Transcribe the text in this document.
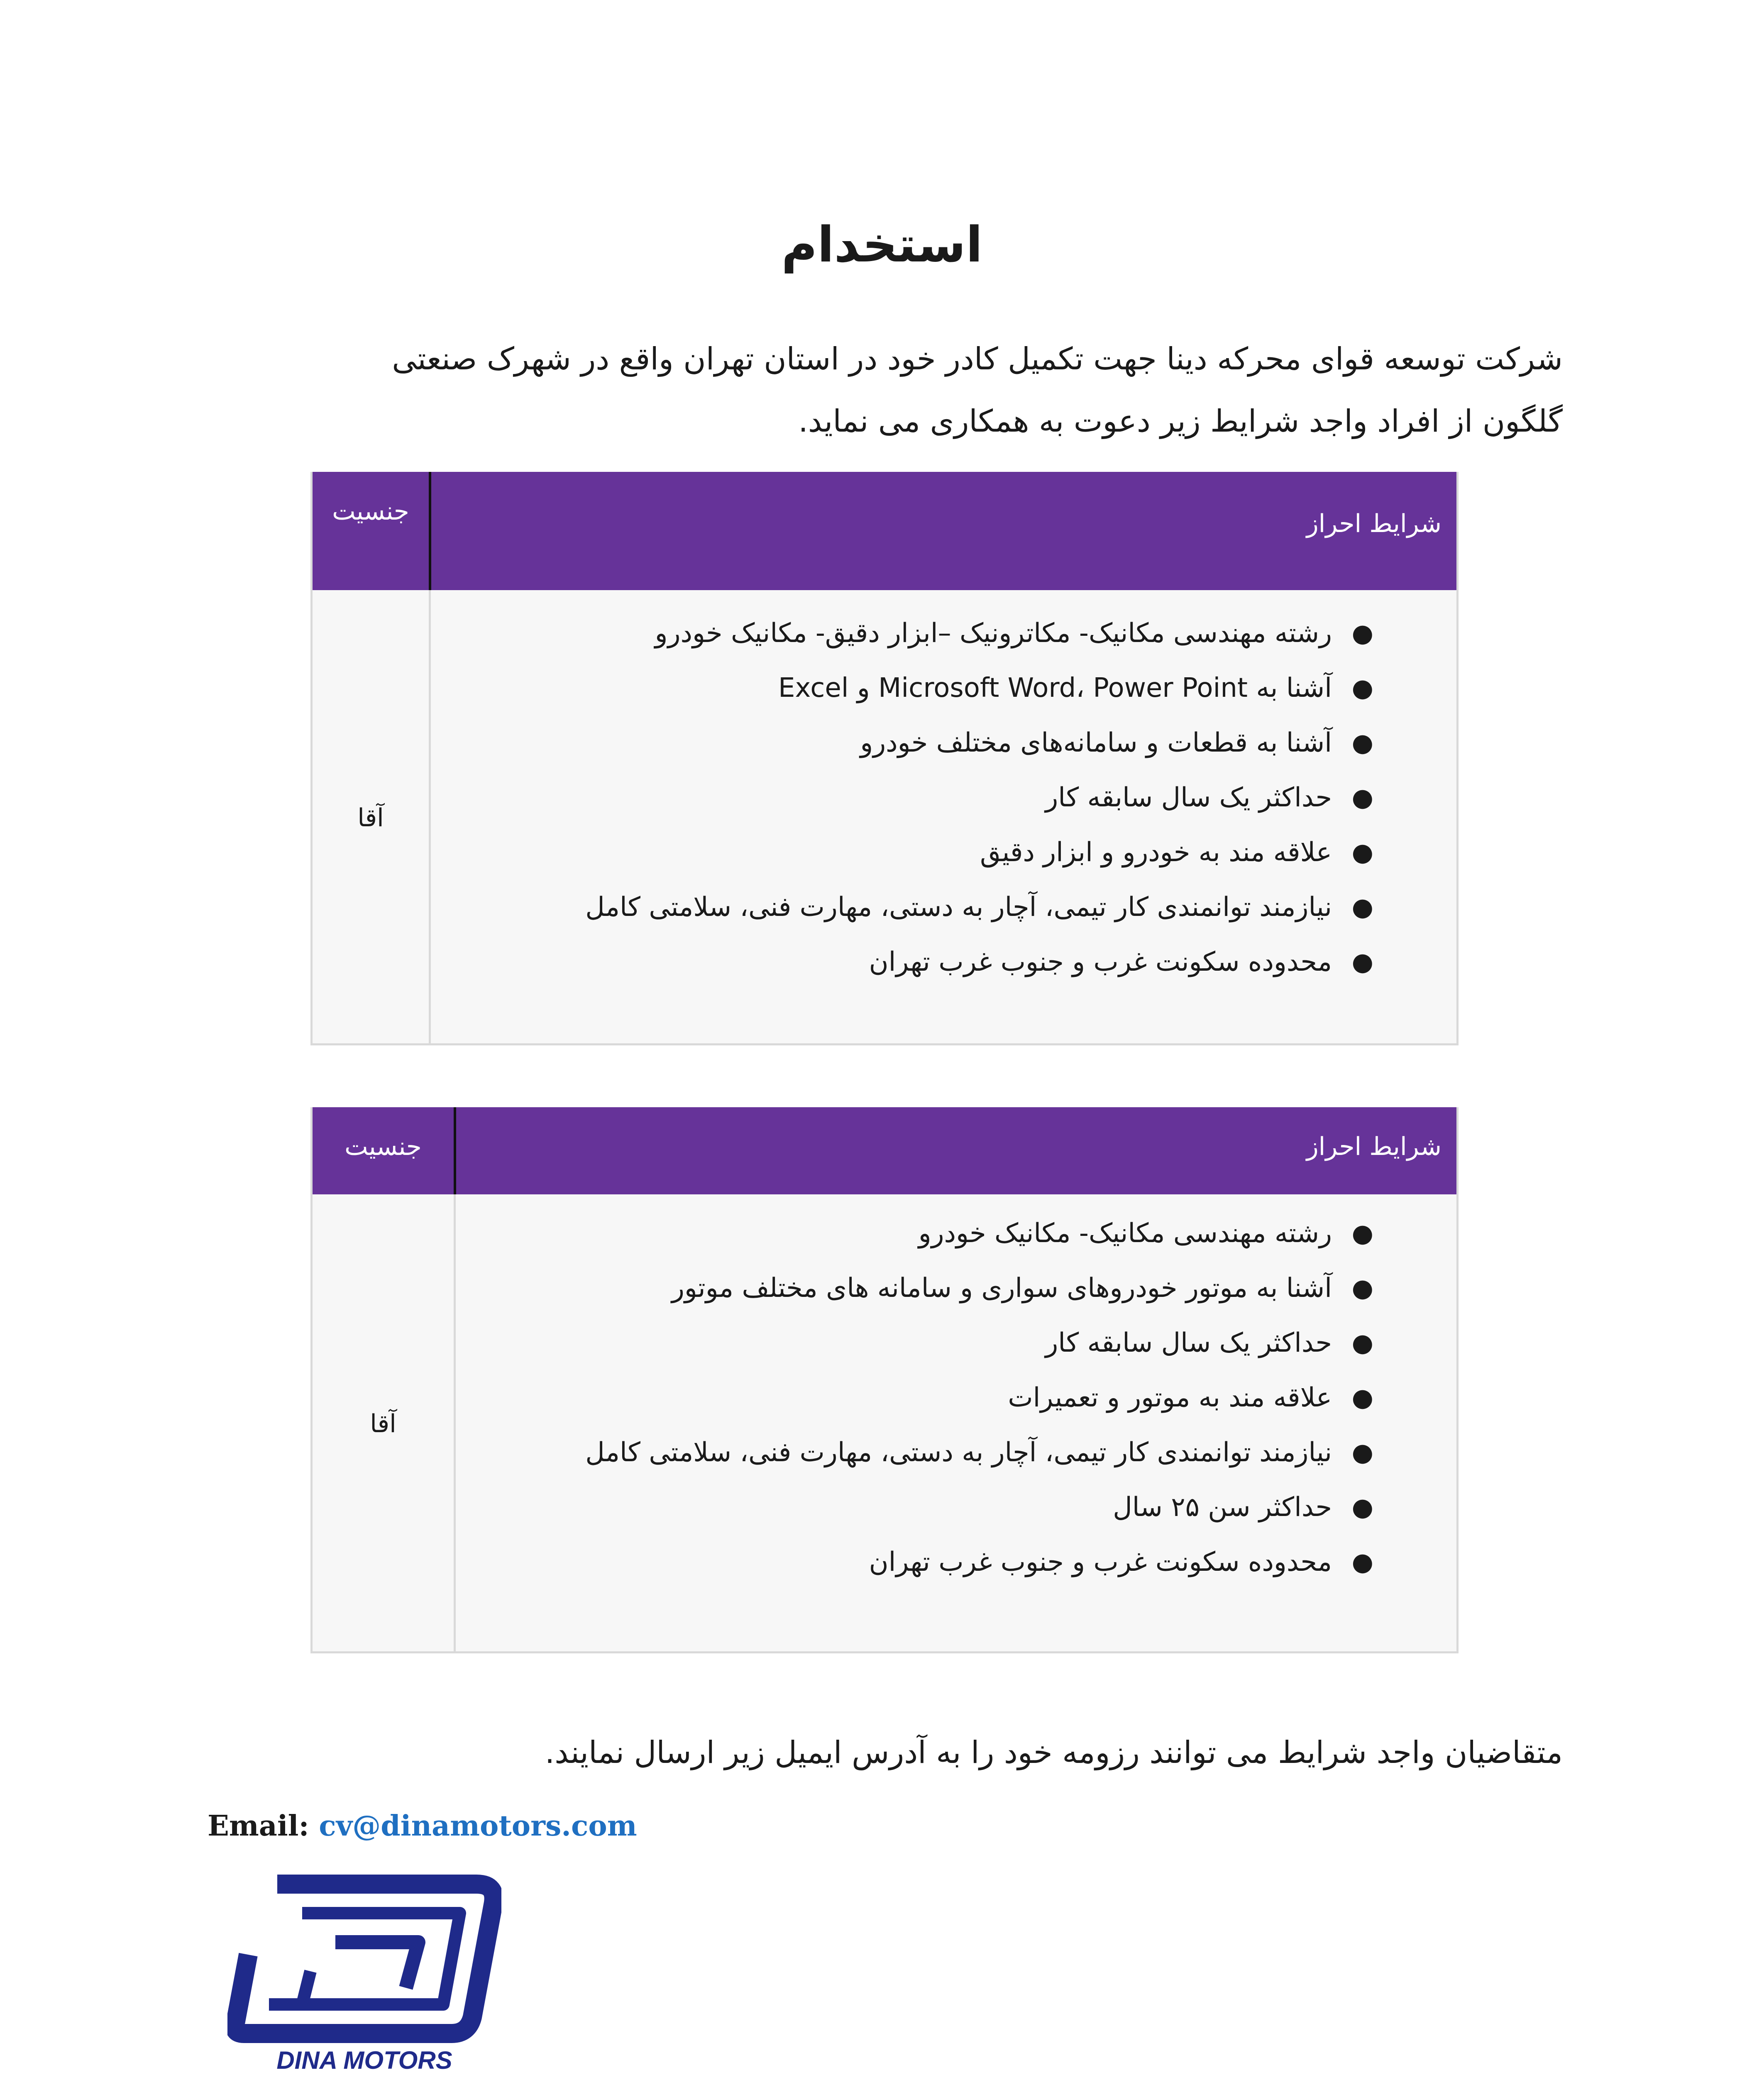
استخدام

شرکت توسعه قوای محرکه دینا جهت تکمیل کادر خود در استان تهران واقع در شهرک صنعتی گلگون از افراد واجد شرایط زیر دعوت به همکاری می نماید.

شرایط احراز
جنسیت
●
رشته مهندسی مکانیک- مکاترونیک –ابزار دقیق- مکانیک خودرو
●
آشنا به Microsoft Word، Power Point و Excel
●
آشنا به قطعات و سامانه‌های مختلف خودرو
●
حداکثر یک سال سابقه کار
●
علاقه مند به خودرو و ابزار دقیق
●
نیازمند توانمندی کار تیمی، آچار به دستی، مهارت فنی، سلامتی کامل
●
محدوده سکونت غرب و جنوب غرب تهران
آقا
شرایط احراز
جنسیت
●
رشته مهندسی مکانیک- مکانیک خودرو
●
آشنا به موتور خودروهای سواری و سامانه های مختلف موتور
●
حداکثر یک سال سابقه کار
●
علاقه مند به موتور و تعمیرات
●
نیازمند توانمندی کار تیمی، آچار به دستی، مهارت فنی، سلامتی کامل
●
حداکثر سن ۲۵ سال
●
محدوده سکونت غرب و جنوب غرب تهران
آقا

متقاضیان واجد شرایط می توانند رزومه خود را به آدرس ایمیل زیر ارسال نمایند.

Email: cv@dinamotors.com

DINA MOTORS
